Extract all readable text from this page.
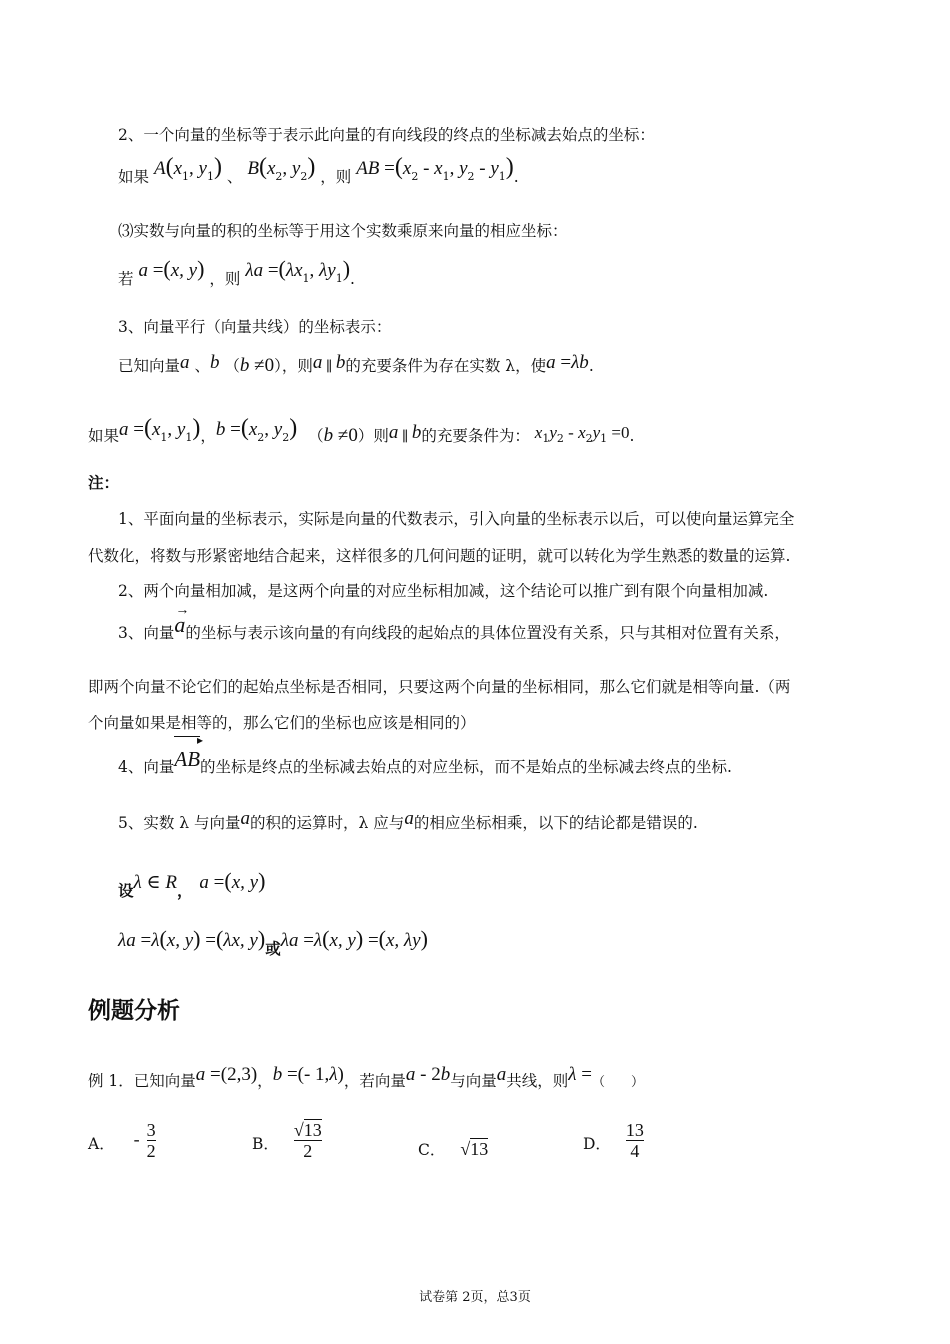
2、一个向量的坐标等于表示此向量的有向线段的终点的坐标减去始点的坐标：
如果 $A(x_1$, $y_1$) 、 $B(x_2$, $y_2$) ，则 AB $=(x_2 - x_1$, $y_2 - y_1$).
⑶实数与向量的积的坐标等于用这个实数乘原来向量的相应坐标：
若 a =(x, y) ，则 $\lambda a =(\lambda x_1$, $\lambda y_1$).
3、向量平行（向量共线）的坐标表示：
已知向量a 、b （b ≠0），则a ∥ b的充要条件为存在实数 λ，使a =λb.
如果$a =(x_1$, $y_1$)，$b =(x_2$, $y_2$) （b ≠0）则a ∥ b的充要条件为： $x_1y_2 - x_2y_1 =0$.
注：
1、平面向量的坐标表示，实际是向量的代数表示，引入向量的坐标表示以后，可以使向量运算完全
代数化，将数与形紧密地结合起来，这样很多的几何问题的证明，就可以转化为学生熟悉的数量的运算.
2、两个向量相加减，是这两个向量的对应坐标相加减，这个结论可以推广到有限个向量相加减.
3、向量a
→
的坐标与表示该向量的有向线段的起始点的具体位置没有关系，只与其相对位置有关系，
即两个向量不论它们的起始点坐标是否相同，只要这两个向量的坐标相同，那么它们就是相等向量.（两
个向量如果是相等的，那么它们的坐标也应该是相同的）
4、向量AB
▸
的坐标是终点的坐标减去始点的对应坐标，而不是始点的坐标减去终点的坐标.
5、实数 λ 与向量a的积的运算时，λ 应与a的相应坐标相乘，以下的结论都是错误的.
设λ ∈ R， a =(x, y)
λa =λ(x, y) =(λx, y)或λa =λ(x, y) =(x, λy)
例题分析
例 1．已知向量a =(2,3)，b =(- 1,λ)，若向量a - 2b与向量a共线，则λ =（　　）
A． - $\frac{3}{2}$	B． $\frac{√13}{2}$	C． √13	D． $\frac{13}{4}$
试卷第 2页，总3页
